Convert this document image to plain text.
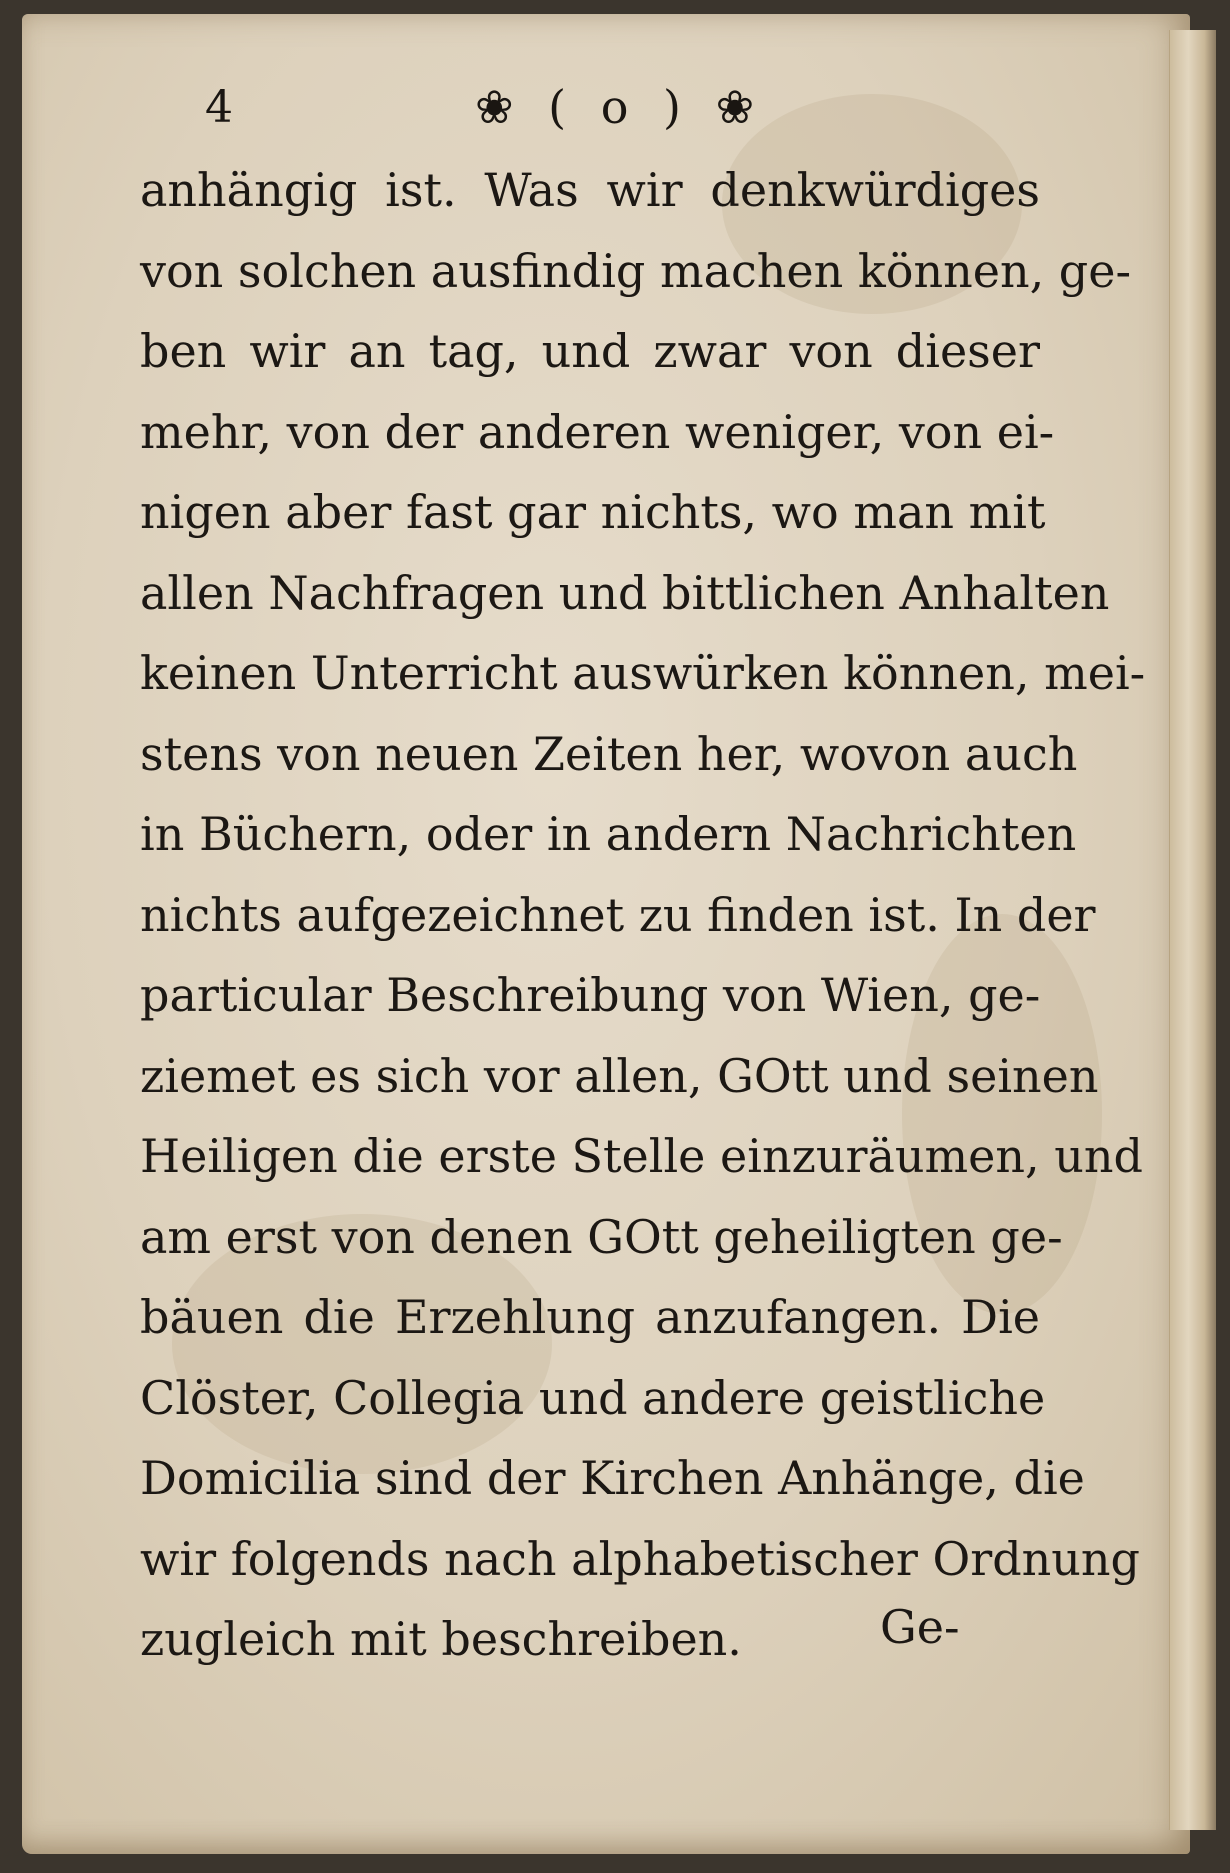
4	❀ ( o ) ❀
anhängig ist. Was wir denkwürdiges
von solchen ausfindig machen können, ge-
ben wir an tag, und zwar von dieser
mehr, von der anderen weniger, von ei-
nigen aber fast gar nichts, wo man mit
allen Nachfragen und bittlichen Anhalten
keinen Unterricht auswürken können, mei-
stens von neuen Zeiten her, wovon auch
in Büchern, oder in andern Nachrichten
nichts aufgezeichnet zu finden ist. In der
particular Beschreibung von Wien, ge-
ziemet es sich vor allen, GOtt und seinen
Heiligen die erste Stelle einzuräumen, und
am erst von denen GOtt geheiligten ge-
bäuen die Erzehlung anzufangen. Die
Clöster, Collegia und andere geistliche
Domicilia sind der Kirchen Anhänge, die
wir folgends nach alphabetischer Ordnung
zugleich mit beschreiben.	Ge-
